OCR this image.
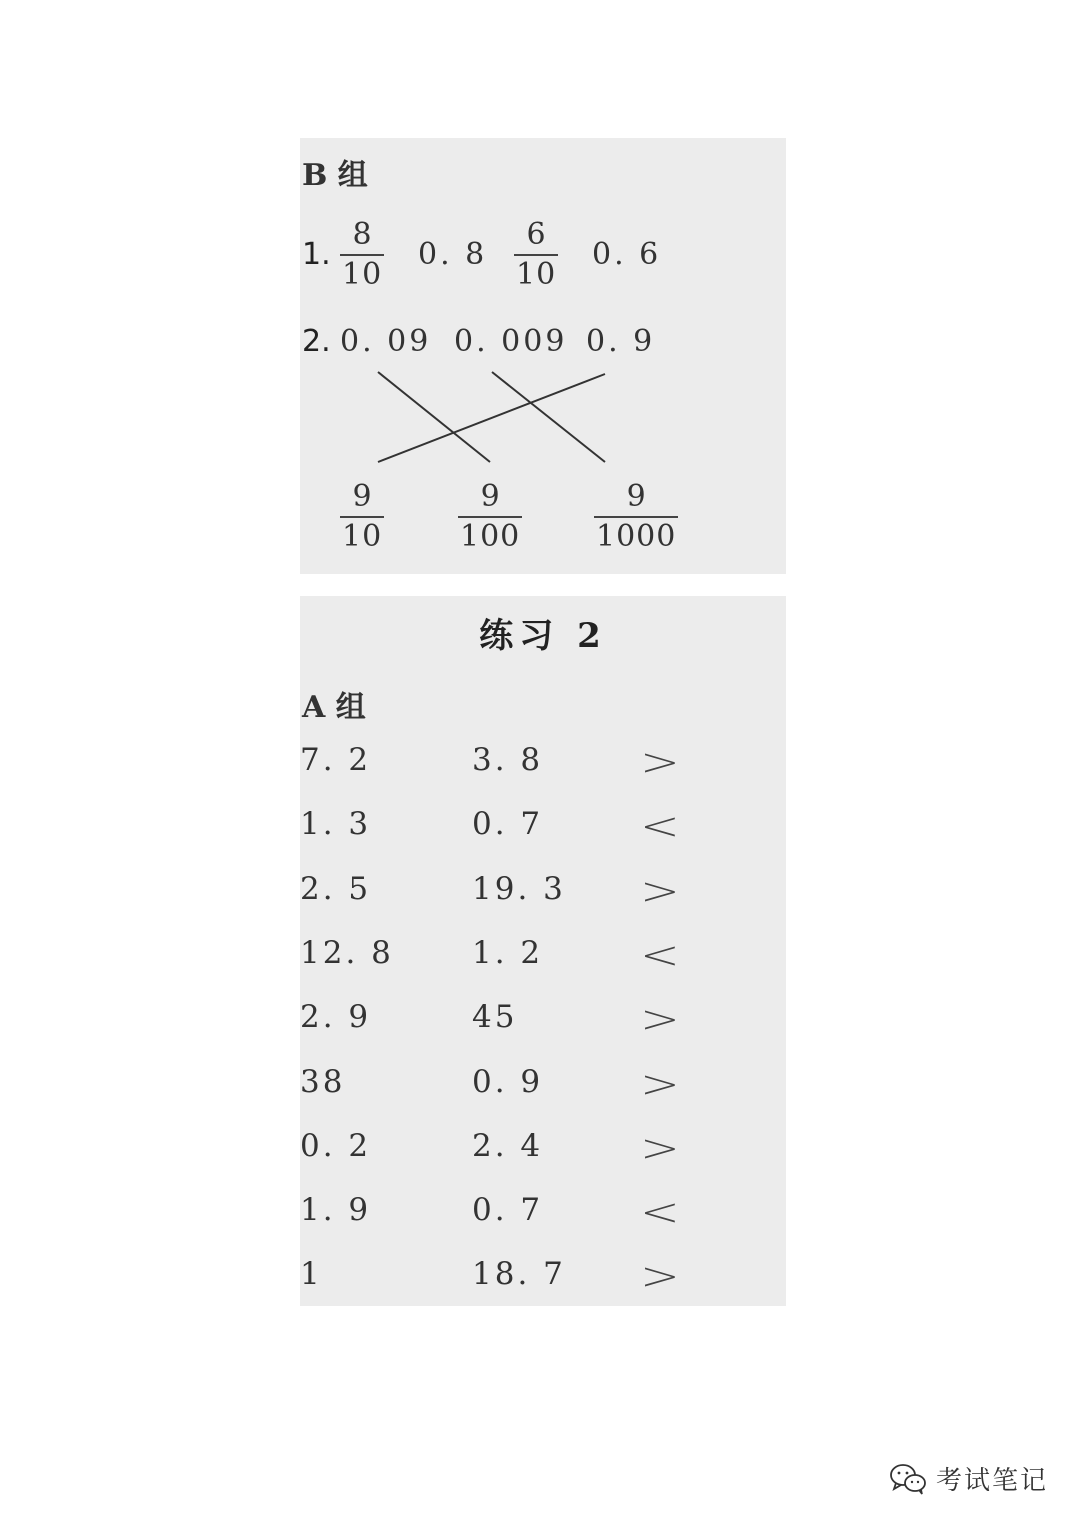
B 组
1.
8
10
0. 8
6
10
0. 6
2. 0. 09 0. 009 0. 9
9
10
9
100
9
1000
练习 2
A 组
7. 2	3. 8	>
1. 3	0. 7	<
2. 5	19. 3 >
12. 8	1. 2	<
2. 9	45	>
38	0. 9	>
0. 2	2. 4	>
1. 9	0. 7	<
1	18. 7 >
考试笔记
